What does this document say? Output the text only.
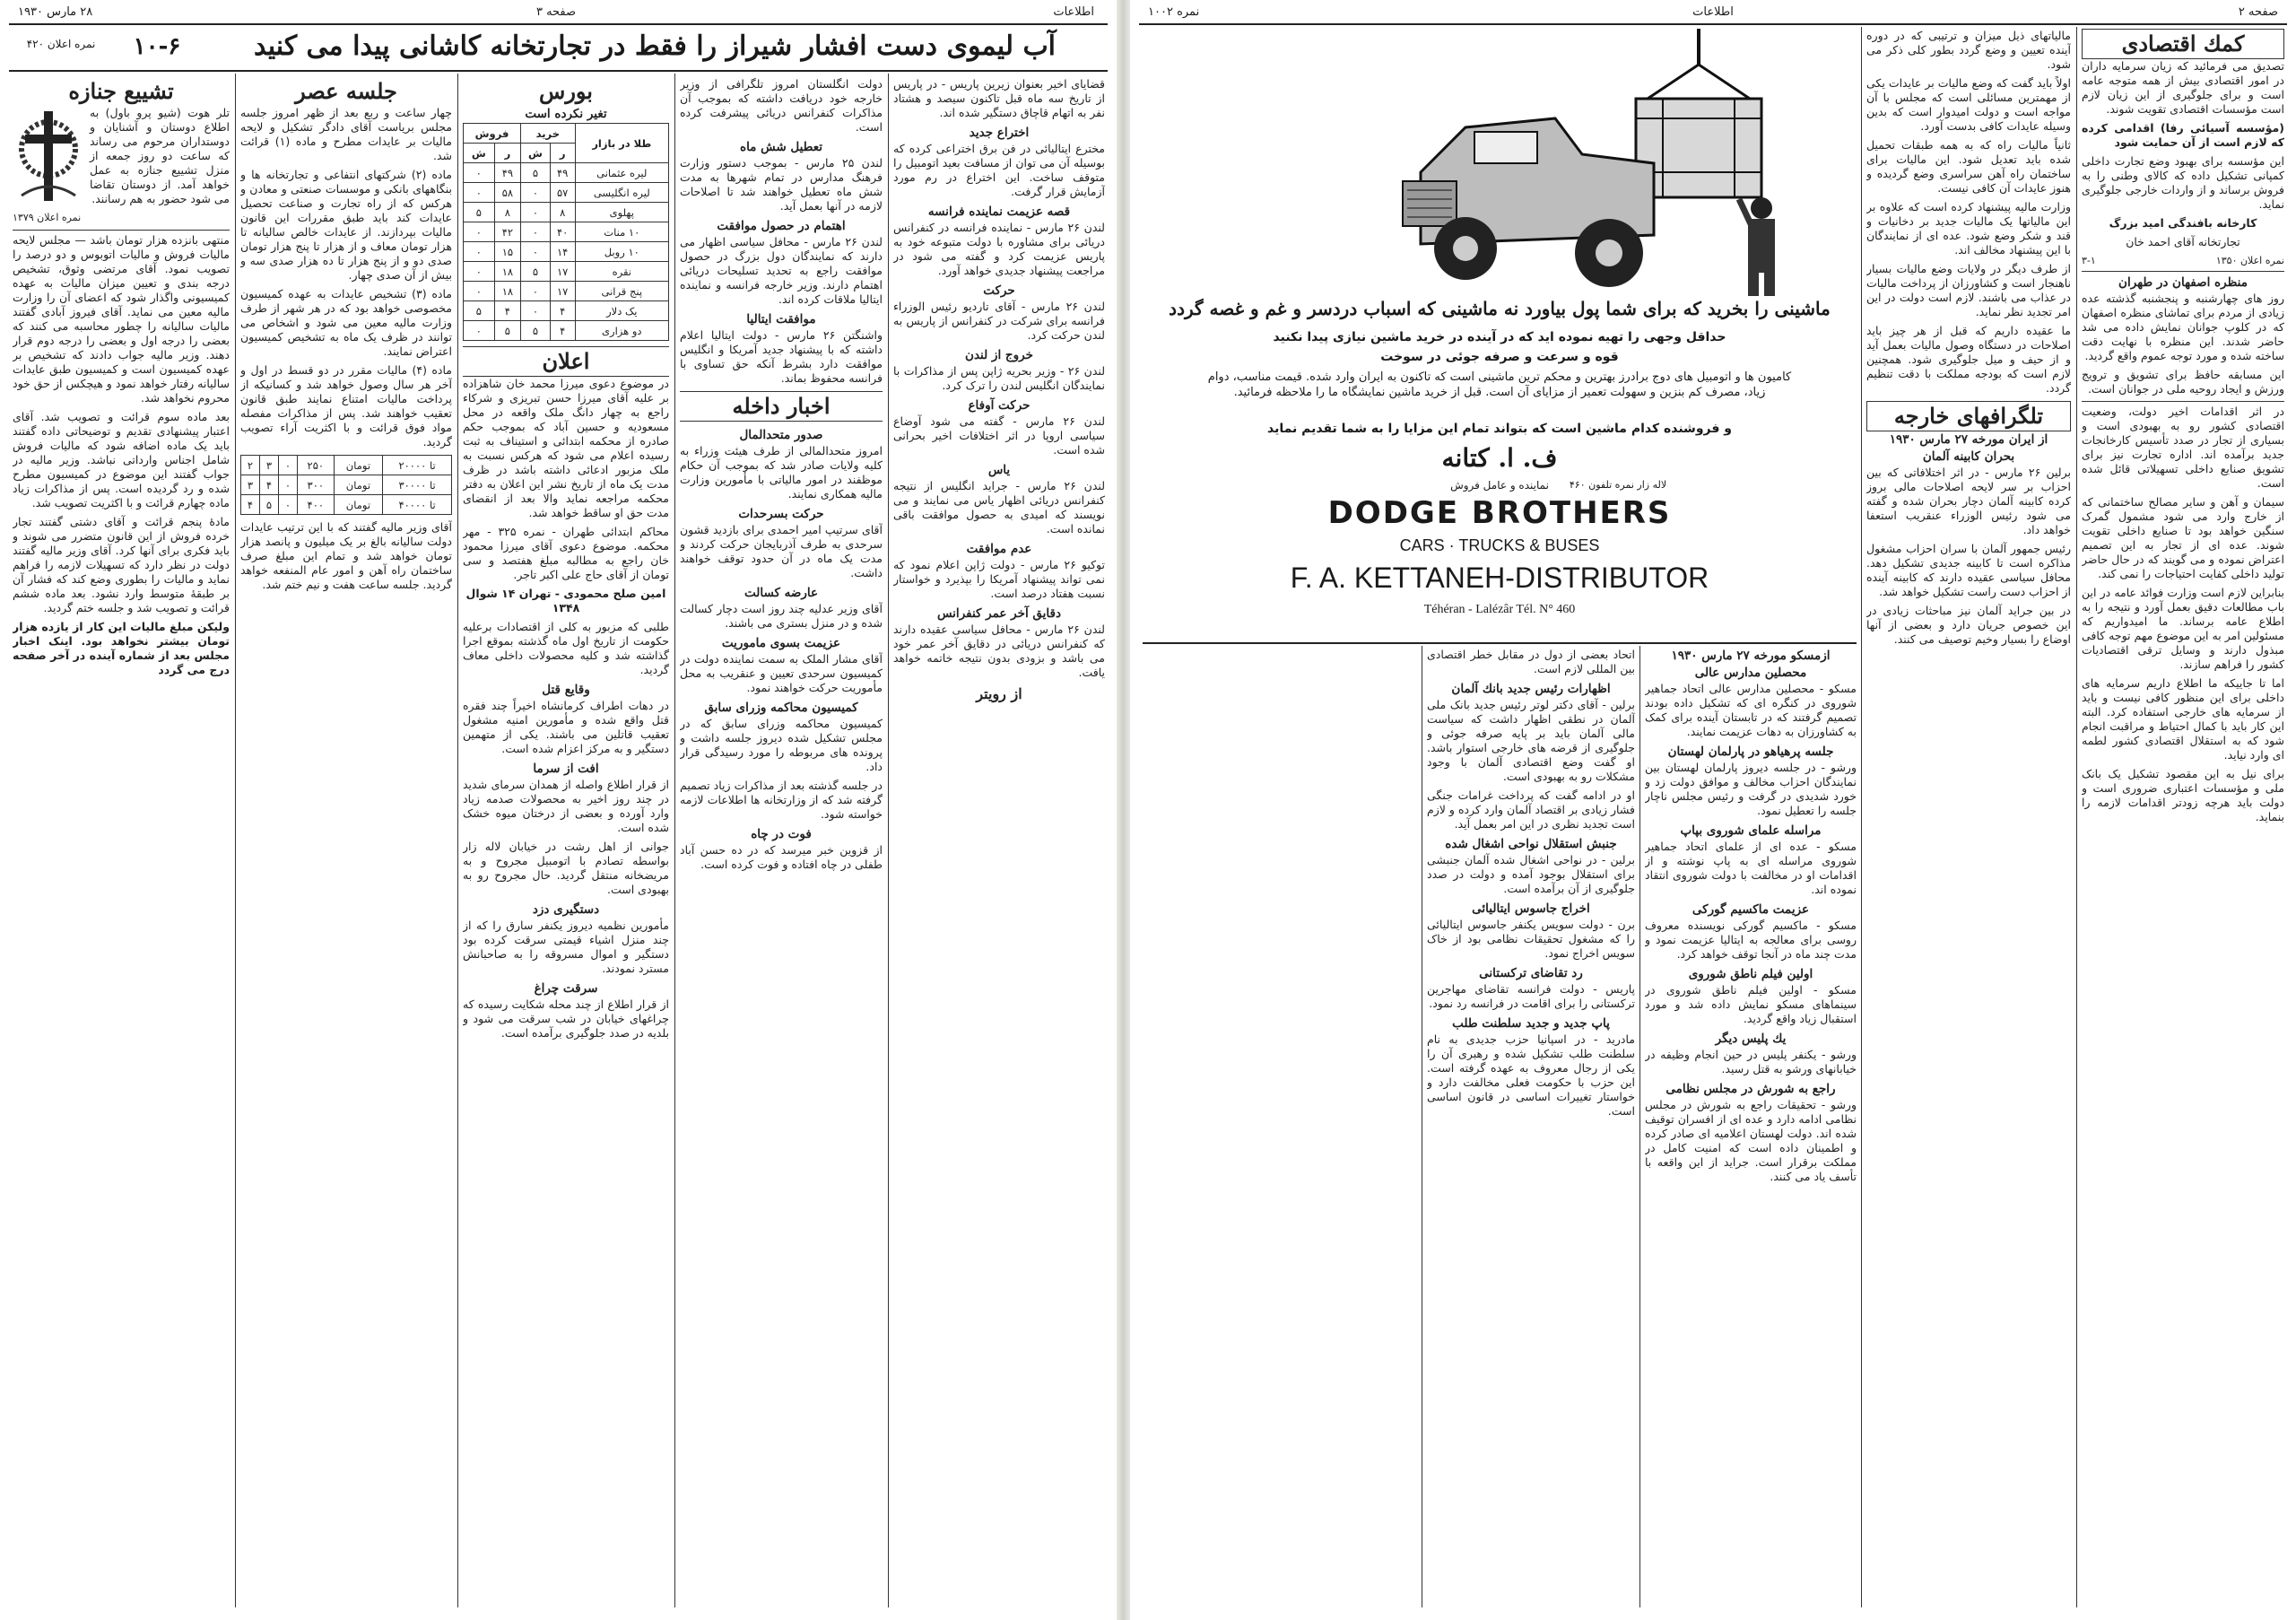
۲۸ مارس ۱۹۳۰	صفحه ۳	اطلاعات
آب لیموی دست افشار شیراز را فقط در تجارتخانه کاشانی پیدا می کنید
۱۰-۶
نمره اعلان ۴۲۰

قضایای اخیر بعنوان زیرین پاریس - در پاریس از تاریخ سه ماه قبل تاکنون سیصد و هشتاد نفر به اتهام قاچاق دستگیر شده اند.

اختراع جدید

مخترع ایتالیائی در فن برق اختراعی کرده که بوسیله آن می توان از مسافت بعید اتومبیل را متوقف ساخت. این اختراع در رم مورد آزمایش قرار گرفت.

قصه عزیمت نماینده فرانسه

لندن ۲۶ مارس - نماینده فرانسه در کنفرانس دریائی برای مشاوره با دولت متبوعه خود به پاریس عزیمت کرد و گفته می شود در مراجعت پیشنهاد جدیدی خواهد آورد.

حرکت

لندن ۲۶ مارس - آقای تاردیو رئیس الوزراء فرانسه برای شرکت در کنفرانس از پاریس به لندن حرکت کرد.

خروج از لندن

لندن ۲۶ - وزیر بحریه ژاپن پس از مذاکرات با نمایندگان انگلیس لندن را ترک کرد.

حرکت آوفاع

لندن ۲۶ مارس - گفته می شود آوضاع سیاسی اروپا در اثر اختلافات اخیر بحرانی شده است.

یاس

لندن ۲۶ مارس - جراید انگلیس از نتیجه کنفرانس دریائی اظهار یاس می نمایند و می نویسند که امیدی به حصول موافقت باقی نمانده است.

عدم موافقت

توکیو ۲۶ مارس - دولت ژاپن اعلام نمود که نمی تواند پیشنهاد آمریکا را بپذیرد و خواستار نسبت هفتاد درصد است.

دقایق آخر عمر کنفرانس

لندن ۲۶ مارس - محافل سیاسی عقیده دارند که کنفرانس دریائی در دقایق آخر عمر خود می باشد و بزودی بدون نتیجه خاتمه خواهد یافت.

از رویتر

دولت انگلستان امروز تلگرافی از وزیر خارجه خود دریافت داشته که بموجب آن مذاکرات کنفرانس دریائی پیشرفت کرده است.

تعطیل شش ماه

لندن ۲۵ مارس - بموجب دستور وزارت فرهنگ مدارس در تمام شهرها به مدت شش ماه تعطیل خواهند شد تا اصلاحات لازمه در آنها بعمل آید.

اهتمام در حصول موافقت

لندن ۲۶ مارس - محافل سیاسی اظهار می دارند که نمایندگان دول بزرگ در حصول موافقت راجع به تحدید تسلیحات دریائی اهتمام دارند. وزیر خارجه فرانسه و نماینده ایتالیا ملاقات کرده اند.

موافقت ایتالیا

واشنگتن ۲۶ مارس - دولت ایتالیا اعلام داشته که با پیشنهاد جدید آمریکا و انگلیس موافقت دارد بشرط آنکه حق تساوی با فرانسه محفوظ بماند.

اخبار داخله
صدور متحدالمال

امروز متحدالمالی از طرف هیئت وزراء به کلیه ولایات صادر شد که بموجب آن حکام موظفند در امور مالیاتی با مأمورین وزارت مالیه همکاری نمایند.

حرکت بسرحدات

آقای سرتیپ امیر احمدی برای بازدید قشون سرحدی به طرف آذربایجان حرکت کردند و مدت یک ماه در آن حدود توقف خواهند داشت.

عارضه کسالت

آقای وزیر عدلیه چند روز است دچار کسالت شده و در منزل بستری می باشند.

عزیمت بسوی ماموریت

آقای مشار الملک به سمت نماینده دولت در کمیسیون سرحدی تعیین و عنقریب به محل مأموریت حرکت خواهند نمود.

کمیسیون محاکمه وزرای سابق

کمیسیون محاکمه وزرای سابق که در مجلس تشکیل شده دیروز جلسه داشت و پرونده های مربوطه را مورد رسیدگی قرار داد.

در جلسه گذشته بعد از مذاکرات زیاد تصمیم گرفته شد که از وزارتخانه ها اطلاعات لازمه خواسته شود.

فوت در چاه

از قزوین خبر میرسد که در ده حسن آباد طفلی در چاه افتاده و فوت کرده است.

بورس
تغیر نکرده است
طلا در بازار	خرید		فروش	
	ر	ش	ر	ش
لیره عثمانی	۴۹	۵	۴۹	۰
لیره انگلیسی	۵۷	۰	۵۸	۰
پهلوی	۸	۰	۸	۵
۱۰ منات	۴۰	۰	۴۲	۰
۱۰ روبل	۱۴	۰	۱۵	۰
نقره	۱۷	۵	۱۸	۰
پنج قرانی	۱۷	۰	۱۸	۰
یک دلار	۴	۰	۴	۵
دو هزاری	۴	۵	۵	۰
اعلان

در موضوع دعوی میرزا محمد خان شاهزاده بر علیه آقای میرزا حسن تبریزی و شرکاء راجع به چهار دانگ ملک واقعه در محل مسعودیه و حسین آباد که بموجب حکم صادره از محکمه ابتدائی و استیناف به ثبت رسیده اعلام می شود که هرکس نسبت به ملک مزبور ادعائی داشته باشد در ظرف مدت یک ماه از تاریخ نشر این اعلان به دفتر محکمه مراجعه نماید والا بعد از انقضای مدت حق او ساقط خواهد شد.

محاکم ابتدائی طهران - نمره ۳۲۵ - مهر محکمه. موضوع دعوی آقای میرزا محمود خان راجع به مطالبه مبلغ هفتصد و سی تومان از آقای حاج علی اکبر تاجر.

امین صلح محمودی - تهران ۱۴ شوال ۱۳۴۸

طلبی که مزبور به کلی از اقتصادات برعلیه حکومت از تاریخ اول ماه گذشته بموقع اجرا گذاشته شد و کلیه محصولات داخلی معاف گردید.

وقایع قتل

در دهات اطراف کرمانشاه اخیراً چند فقره قتل واقع شده و مأمورین امنیه مشغول تعقیب قاتلین می باشند. یکی از متهمین دستگیر و به مرکز اعزام شده است.

افت از سرما

از قرار اطلاع واصله از همدان سرمای شدید در چند روز اخیر به محصولات صدمه زیاد وارد آورده و بعضی از درختان میوه خشک شده است.

جوانی از اهل رشت در خیابان لاله زار بواسطه تصادم با اتومبیل مجروح و به مریضخانه منتقل گردید. حال مجروح رو به بهبودی است.

دستگیری دزد

مأمورین نظمیه دیروز یکنفر سارق را که از چند منزل اشیاء قیمتی سرقت کرده بود دستگیر و اموال مسروقه را به صاحبانش مسترد نمودند.

سرقت چراغ

از قرار اطلاع از چند محله شکایت رسیده که چراغهای خیابان در شب سرقت می شود و بلدیه در صدد جلوگیری برآمده است.

جلسه عصر

چهار ساعت و ربع بعد از ظهر امروز جلسه مجلس بریاست آقای دادگر تشکیل و لایحه مالیات بر عایدات مطرح و ماده (۱) قرائت شد.

ماده (۲) شرکتهای انتفاعی و تجارتخانه ها و بنگاههای بانکی و موسسات صنعتی و معادن و هرکس که از راه تجارت و صناعت تحصیل عایدات کند باید طبق مقررات این قانون مالیات بپردازند. از عایدات خالص سالیانه تا هزار تومان معاف و از هزار تا پنج هزار تومان صدی دو و از پنج هزار تا ده هزار صدی سه و بیش از آن صدی چهار.

ماده (۳) تشخیص عایدات به عهده کمیسیون مخصوصی خواهد بود که در هر شهر از طرف وزارت مالیه معین می شود و اشخاص می توانند در ظرف یک ماه به تشخیص کمیسیون اعتراض نمایند.

ماده (۴) مالیات مقرر در دو قسط در اول و آخر هر سال وصول خواهد شد و کسانیکه از پرداخت مالیات امتناع نمایند طبق قانون تعقیب خواهند شد. پس از مذاکرات مفصله مواد فوق قرائت و با اکثریت آراء تصویب گردید.

تا ۲۰۰۰۰	تومان	۲۵۰	۰	۳	۲
تا ۳۰۰۰۰	تومان	۳۰۰	۰	۴	۳
تا ۴۰۰۰۰	تومان	۴۰۰	۰	۵	۴

آقای وزیر مالیه گفتند که با این ترتیب عایدات دولت سالیانه بالغ بر یک میلیون و پانصد هزار تومان خواهد شد و تمام این مبلغ صرف ساختمان راه آهن و امور عام المنفعه خواهد گردید. جلسه ساعت هفت و نیم ختم شد.

تشییع جنازه

تلر هوت (شیو پرو باول) به اطلاع دوستان و آشنایان و دوستداران مرحوم می رساند که ساعت دو روز جمعه از منزل تشییع جنازه به عمل خواهد آمد. از دوستان تقاضا می شود حضور به هم رسانند.

نمره اعلان ۱۳۷۹

منتهی بانزده هزار تومان باشد — مجلس لایحه مالیات فروش و مالیات اتوبوس و دو درصد را تصویب نمود. آقای مرتضی وثوق، تشخیص درجه بندی و تعیین میزان مالیات به عهده کمیسیونی واگذار شود که اعضای آن را وزارت مالیه معین می نماید. آقای فیروز آبادی گفتند مالیات سالیانه را چطور محاسبه می کنند که بعضی را درجه اول و بعضی را درجه دوم قرار دهند. وزیر مالیه جواب دادند که تشخیص بر عهده کمیسیون است و کمیسیون طبق عایدات سالیانه رفتار خواهد نمود و هیچکس از حق خود محروم نخواهد شد.

بعد ماده سوم قرائت و تصویب شد. آقای اعتبار پیشنهادی تقدیم و توضیحاتی داده گفتند باید یک ماده اضافه شود که مالیات فروش شامل اجناس وارداتی نباشد. وزیر مالیه در جواب گفتند این موضوع در کمیسیون مطرح شده و رد گردیده است. پس از مذاکرات زیاد ماده چهارم قرائت و با اکثریت تصویب شد.

مادهٔ پنجم قرائت و آقای دشتی گفتند تجار خرده فروش از این قانون متضرر می شوند و باید فکری برای آنها کرد. آقای وزیر مالیه گفتند دولت در نظر دارد که تسهیلات لازمه را فراهم نماید و مالیات را بطوری وضع کند که فشار آن بر طبقهٔ متوسط وارد نشود. بعد ماده ششم قرائت و تصویب شد و جلسه ختم گردید.

ولیکن مبلغ مالیات این کار از یازده هزار تومان بیشتر نخواهد بود. اینک اخبار مجلس بعد از شماره آینده در آخر صفحه درج می گردد

نمره ۱۰۰۲	اطلاعات	صفحه ۲
کمك اقتصادی

تصدیق می فرمائید که زیان سرمایه داران در امور اقتصادی بیش از همه متوجه عامه است و برای جلوگیری از این زیان لازم است مؤسسات اقتصادی تقویت شوند.

(مؤسسه آسیائی رفا) اقدامی کرده که لازم است از آن حمایت شود

این مؤسسه برای بهبود وضع تجارت داخلی کمپانی تشکیل داده که کالای وطنی را به فروش برساند و از واردات خارجی جلوگیری نماید.

کارخانه بافندگی امید بزرگ

تجارتخانه آقای احمد خان

نمره اعلان ۱۳۵۰
۳-۱
منظره اصفهان در طهران

روز های چهارشنبه و پنجشنبه گذشته عده زیادی از مردم برای تماشای منظره اصفهان که در کلوپ جوانان نمایش داده می شد حاضر شدند. این منظره با نهایت دقت ساخته شده و مورد توجه عموم واقع گردید.

این مسابقه حافظ برای تشویق و ترویج ورزش و ایجاد روحیه ملی در جوانان است.

در اثر اقدامات اخیر دولت، وضعیت اقتصادی کشور رو به بهبودی است و بسیاری از تجار در صدد تأسیس کارخانجات جدید برآمده اند. اداره تجارت نیز برای تشویق صنایع داخلی تسهیلاتی قائل شده است.

سیمان و آهن و سایر مصالح ساختمانی که از خارج وارد می شود مشمول گمرک سنگین خواهد بود تا صنایع داخلی تقویت شوند. عده ای از تجار به این تصمیم اعتراض نموده و می گویند که در حال حاضر تولید داخلی کفایت احتیاجات را نمی کند.

بنابراین لازم است وزارت فوائد عامه در این باب مطالعات دقیق بعمل آورد و نتیجه را به اطلاع عامه برساند. ما امیدواریم که مسئولین امر به این موضوع مهم توجه کافی مبذول دارند و وسایل ترقی اقتصادیات کشور را فراهم سازند.

اما تا جاییکه ما اطلاع داریم سرمایه های داخلی برای این منظور کافی نیست و باید از سرمایه های خارجی استفاده کرد. البته این کار باید با کمال احتیاط و مراقبت انجام شود که به استقلال اقتصادی کشور لطمه ای وارد نیاید.

برای نیل به این مقصود تشکیل یک بانک ملی و مؤسسات اعتباری ضروری است و دولت باید هرچه زودتر اقدامات لازمه را بنماید.

مالیاتهای ذیل میزان و ترتیبی که در دوره آینده تعیین و وضع گردد بطور کلی ذکر می شود.

اولاً باید گفت که وضع مالیات بر عایدات یکی از مهمترین مسائلی است که مجلس با آن مواجه است و دولت امیدوار است که بدین وسیله عایدات کافی بدست آورد.

ثانیاً مالیات راه که به همه طبقات تحمیل شده باید تعدیل شود. این مالیات برای ساختمان راه آهن سراسری وضع گردیده و هنوز عایدات آن کافی نیست.

وزارت مالیه پیشنهاد کرده است که علاوه بر این مالیاتها یک مالیات جدید بر دخانیات و قند و شکر وضع شود. عده ای از نمایندگان با این پیشنهاد مخالف اند.

از طرف دیگر در ولایات وضع مالیات بسیار ناهنجار است و کشاورزان از پرداخت مالیات در عذاب می باشند. لازم است دولت در این امر تجدید نظر نماید.

ما عقیده داریم که قبل از هر چیز باید اصلاحات در دستگاه وصول مالیات بعمل آید و از حیف و میل جلوگیری شود. همچنین لازم است که بودجه مملکت با دقت تنظیم گردد.

تلگرافهای خارجه
از ایران مورخه ۲۷ مارس ۱۹۳۰
بحران کابینه آلمان

برلین ۲۶ مارس - در اثر اختلافاتی که بین احزاب بر سر لایحه اصلاحات مالی بروز کرده کابینه آلمان دچار بحران شده و گفته می شود رئیس الوزراء عنقریب استعفا خواهد داد.

رئیس جمهور آلمان با سران احزاب مشغول مذاکره است تا کابینه جدیدی تشکیل دهد. محافل سیاسی عقیده دارند که کابینه آینده از احزاب دست راست تشکیل خواهد شد.

در بین جراید آلمان نیز مباحثات زیادی در این خصوص جریان دارد و بعضی از آنها اوضاع را بسیار وخیم توصیف می کنند.

ماشینی را بخرید که برای شما پول بیاورد نه ماشینی که اسباب دردسر و غم و غصه گردد
حداقل وجهی را تهیه نموده اید که در آینده در خرید ماشین نیازی پیدا نکنید
قوه و سرعت و صرفه جوئی در سوخت
کامیون ها و اتومبیل های دوج برادرز بهترین و محکم ترین ماشینی است که تاکنون به ایران وارد شده. قیمت مناسب، دوام زیاد، مصرف کم بنزین و سهولت تعمیر از مزایای آن است. قبل از خرید ماشین نمایشگاه ما را ملاحظه فرمائید.
و فروشنده کدام ماشین است که بتواند تمام این مزایا را به شما تقدیم نماید
ف. ا. کتانه
نماینده و عامل فروش	لاله زار نمره تلفون ۴۶۰
DODGE BROTHERS
CARS · TRUCKS & BUSES
F. A. KETTANEH-DISTRIBUTOR
Téhéran - Lalézâr Tél. N° 460
ازمسکو مورخه ۲۷ مارس ۱۹۳۰
محصلین مدارس عالی

مسکو - محصلین مدارس عالی اتحاد جماهیر شوروی در کنگره ای که تشکیل داده بودند تصمیم گرفتند که در تابستان آینده برای کمک به کشاورزان به دهات عزیمت نمایند.

جلسه پرهیاهو در پارلمان لهستان

ورشو - در جلسه دیروز پارلمان لهستان بین نمایندگان احزاب مخالف و موافق دولت زد و خورد شدیدی در گرفت و رئیس مجلس ناچار جلسه را تعطیل نمود.

مراسله علمای شوروی بپاپ

مسکو - عده ای از علمای اتحاد جماهیر شوروی مراسله ای به پاپ نوشته و از اقدامات او در مخالفت با دولت شوروی انتقاد نموده اند.

عزیمت ماکسیم گورکی

مسکو - ماکسیم گورکی نویسنده معروف روسی برای معالجه به ایتالیا عزیمت نمود و مدت چند ماه در آنجا توقف خواهد کرد.

اولین فیلم ناطق شوروی

مسکو - اولین فیلم ناطق شوروی در سینماهای مسکو نمایش داده شد و مورد استقبال زیاد واقع گردید.

یك پلیس دیگر

ورشو - یکنفر پلیس در حین انجام وظیفه در خیابانهای ورشو به قتل رسید.

راجع به شورش در مجلس نظامی

ورشو - تحقیقات راجع به شورش در مجلس نظامی ادامه دارد و عده ای از افسران توقیف شده اند. دولت لهستان اعلامیه ای صادر کرده و اطمینان داده است که امنیت کامل در مملکت برقرار است. جراید از این واقعه با تأسف یاد می کنند.

اتحاد بعضی از دول در مقابل خطر اقتصادی بین المللی لازم است.

اظهارات رئیس جدید بانك آلمان

برلین - آقای دکتر لوتر رئیس جدید بانک ملی آلمان در نطقی اظهار داشت که سیاست مالی آلمان باید بر پایه صرفه جوئی و جلوگیری از قرضه های خارجی استوار باشد. او گفت وضع اقتصادی آلمان با وجود مشکلات رو به بهبودی است.

او در ادامه گفت که پرداخت غرامات جنگی فشار زیادی بر اقتصاد آلمان وارد کرده و لازم است تجدید نظری در این امر بعمل آید.

جنبش استقلال نواحی اشغال شده

برلین - در نواحی اشغال شده آلمان جنبشی برای استقلال بوجود آمده و دولت در صدد جلوگیری از آن برآمده است.

اخراج جاسوس ایتالیائی

برن - دولت سویس یکنفر جاسوس ایتالیائی را که مشغول تحقیقات نظامی بود از خاک سویس اخراج نمود.

رد تقاضای ترکستانی

پاریس - دولت فرانسه تقاضای مهاجرین ترکستانی را برای اقامت در فرانسه رد نمود.

پاپ جدید و جدید سلطنت طلب

مادرید - در اسپانیا حزب جدیدی به نام سلطنت طلب تشکیل شده و رهبری آن را یکی از رجال معروف به عهده گرفته است. این حزب با حکومت فعلی مخالفت دارد و خواستار تغییرات اساسی در قانون اساسی است.
